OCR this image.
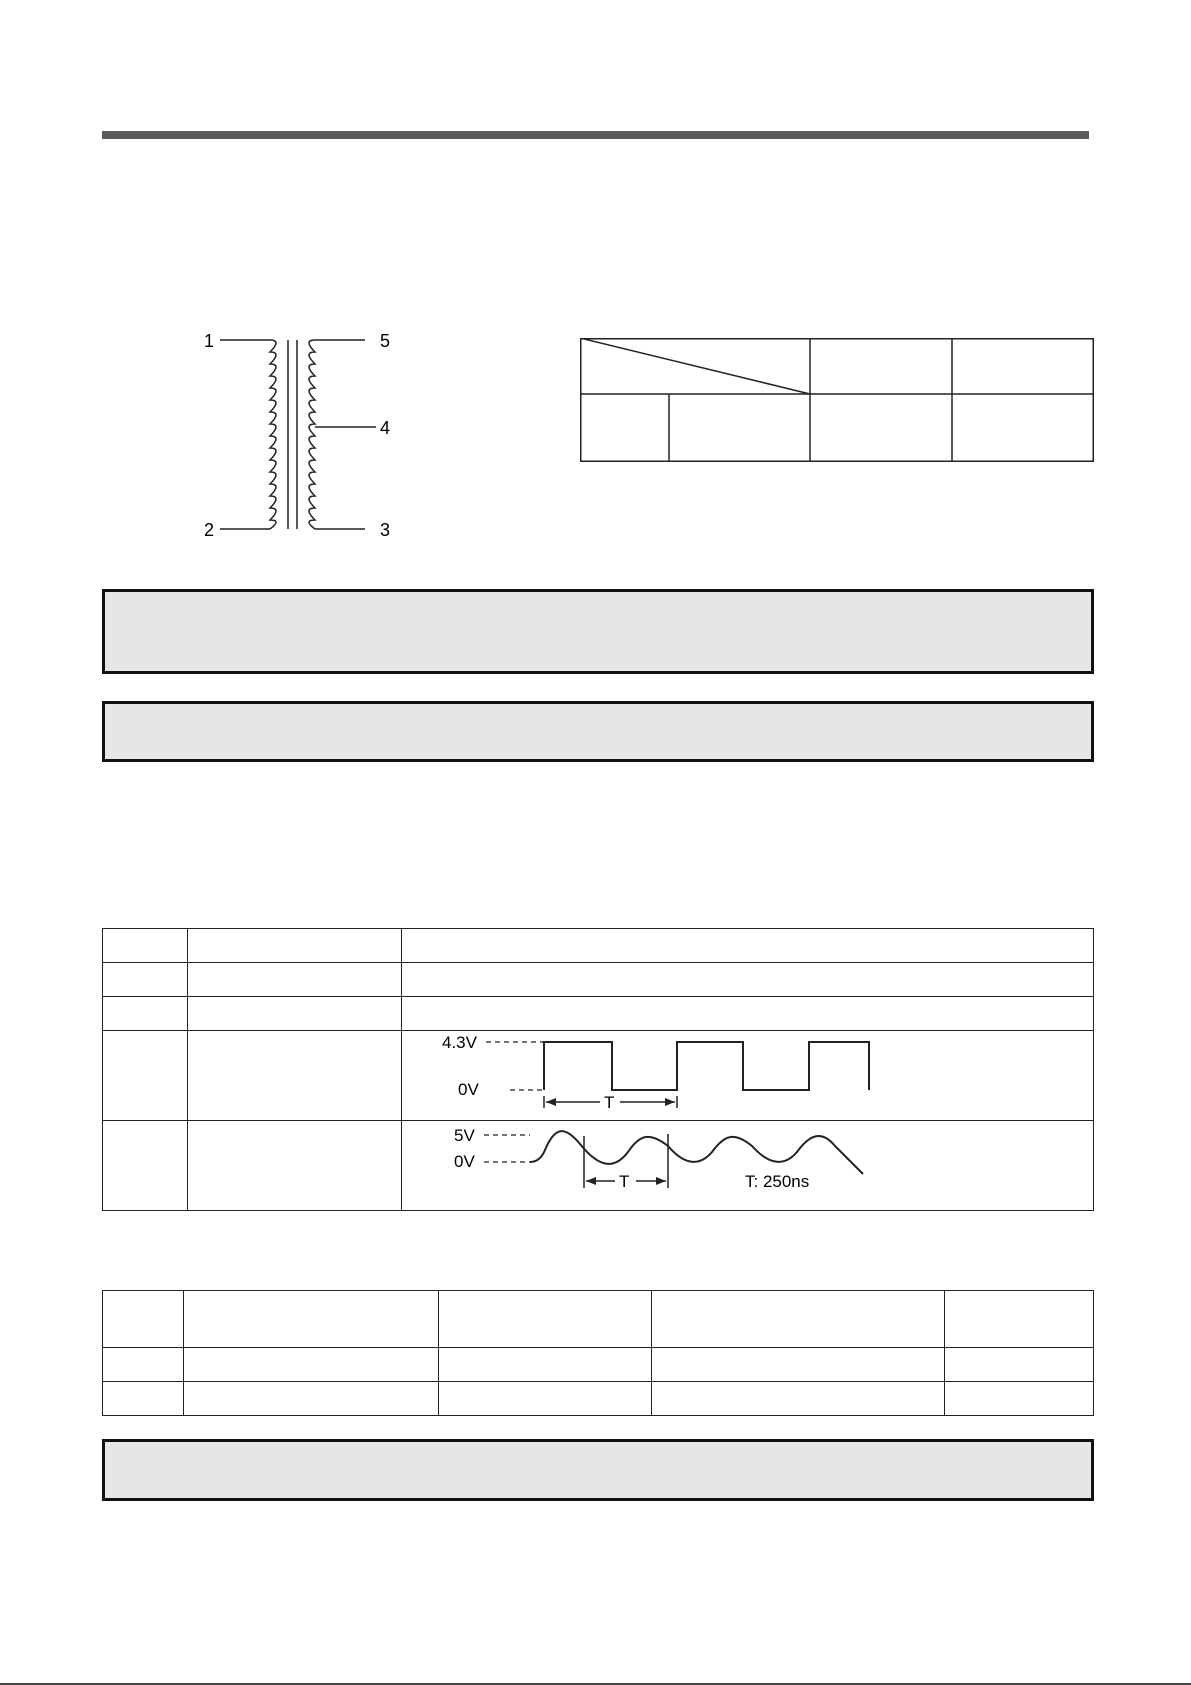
1
2
5
4
3

4.3V
0V
T
5V
0V
T	T: 250ns
